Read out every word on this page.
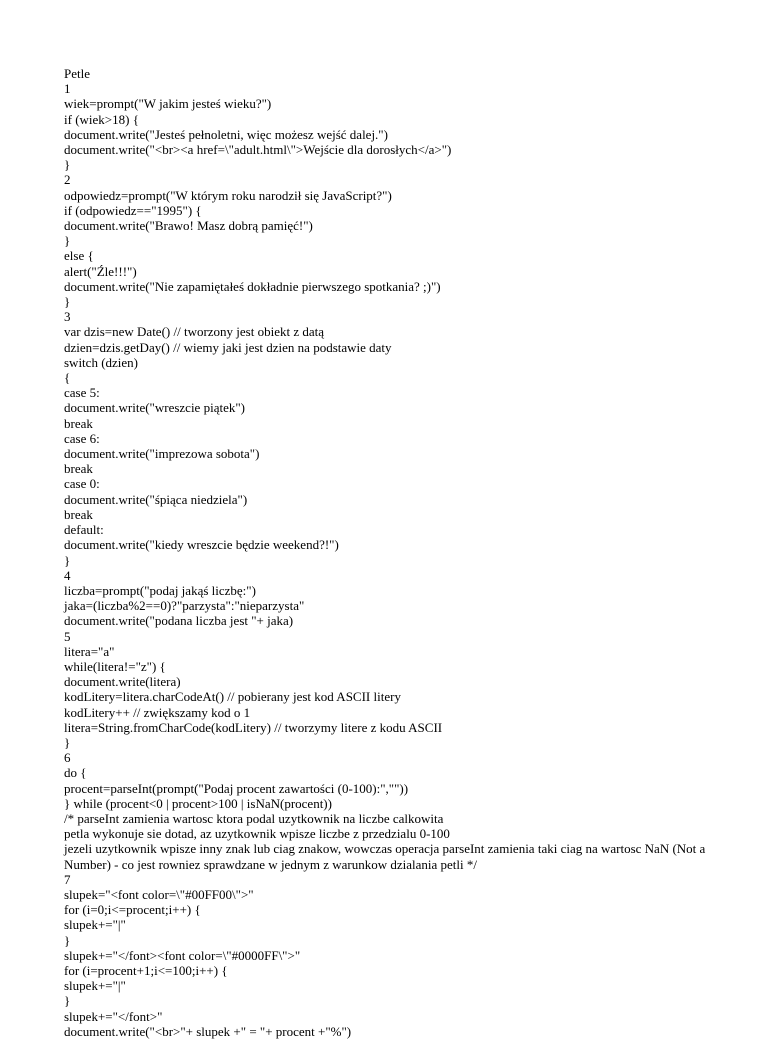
Petle
1
wiek=prompt("W jakim jesteś wieku?")
if (wiek>18) {
document.write("Jesteś pełnoletni, więc możesz wejść dalej.")
document.write("<br><a href=\"adult.html\">Wejście dla dorosłych</a>")
}
2
odpowiedz=prompt("W którym roku narodził się JavaScript?")
if (odpowiedz=="1995") {
document.write("Brawo! Masz dobrą pamięć!")
}
else {
alert("Źle!!!")
document.write("Nie zapamiętałeś dokładnie pierwszego spotkania? ;)")
}
3
var dzis=new Date() // tworzony jest obiekt z datą
dzien=dzis.getDay() // wiemy jaki jest dzien na podstawie daty
switch (dzien)
{
case 5:
document.write("wreszcie piątek")
break
case 6:
document.write("imprezowa sobota")
break
case 0:
document.write("śpiąca niedziela")
break
default:
document.write("kiedy wreszcie będzie weekend?!")
}
4
liczba=prompt("podaj jakąś liczbę:")
jaka=(liczba%2==0)?"parzysta":"nieparzysta"
document.write("podana liczba jest "+ jaka)
5
litera="a"
while(litera!="z") {
document.write(litera)
kodLitery=litera.charCodeAt() // pobierany jest kod ASCII litery
kodLitery++ // zwiększamy kod o 1
litera=String.fromCharCode(kodLitery) // tworzymy litere z kodu ASCII
}
6
do {
procent=parseInt(prompt("Podaj procent zawartości (0-100):",""))
} while (procent<0 | procent>100 | isNaN(procent))
/* parseInt zamienia wartosc ktora podal uzytkownik na liczbe calkowita
petla wykonuje sie dotad, az uzytkownik wpisze liczbe z przedzialu 0-100
jezeli uzytkownik wpisze inny znak lub ciag znakow, wowczas operacja parseInt zamienia taki ciag na wartosc NaN (Not a Number) - co jest rowniez sprawdzane w jednym z warunkow dzialania petli */
7
slupek="<font color=\"#00FF00\">"
for (i=0;i<=procent;i++) {
slupek+="|"
}
slupek+="</font><font color=\"#0000FF\">"
for (i=procent+1;i<=100;i++) {
slupek+="|"
}
slupek+="</font>"
document.write("<br>"+ slupek +" = "+ procent +"%")
